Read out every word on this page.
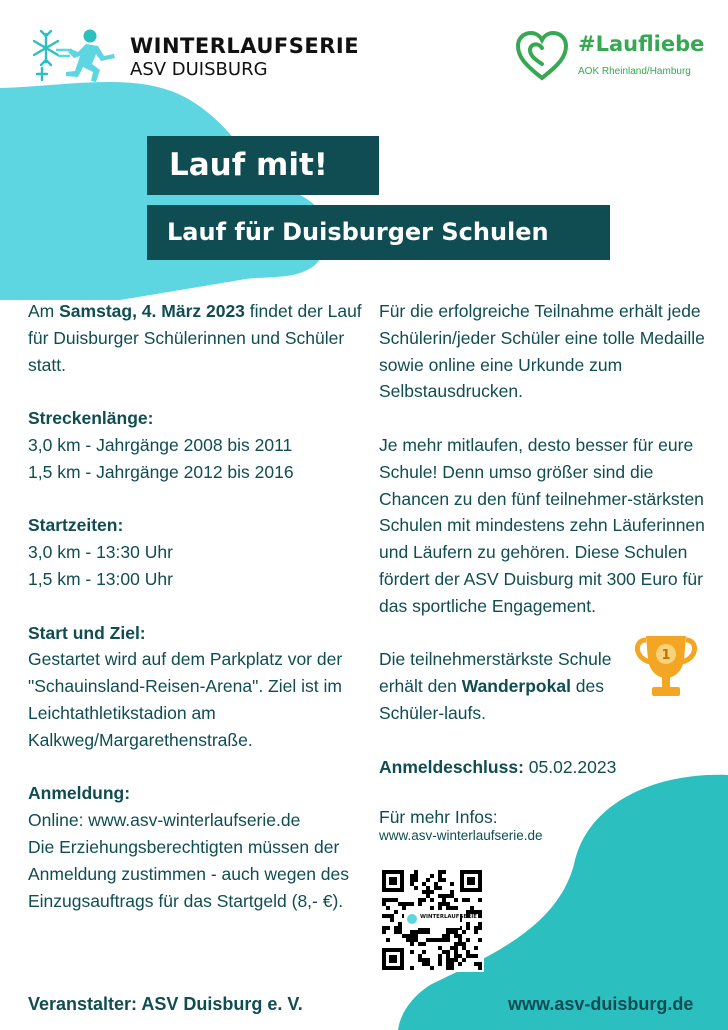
WINTERLAUFSERIE
ASV DUISBURG
#Laufliebe
AOK Rheinland/Hamburg
Lauf mit!
Lauf für Duisburger Schulen

Am Samstag, 4. März 2023 findet der Lauf für Duisburger Schülerinnen und Schüler statt.

Streckenlänge:

3,0 km - Jahrgänge 2008 bis 2011

1,5 km - Jahrgänge 2012 bis 2016

Startzeiten:

3,0 km - 13:30 Uhr

1,5 km - 13:00 Uhr

Start und Ziel:

Gestartet wird auf dem Parkplatz vor der "Schauinsland-Reisen-Arena". Ziel ist im Leichtathletikstadion am Kalkweg/Margarethenstraße.

Anmeldung:

Online: www.asv-winterlaufserie.de

Die Erziehungsberechtigten müssen der Anmeldung zustimmen - auch wegen des Einzugsauftrags für das Startgeld (8,- €).

Für die erfolgreiche Teilnahme erhält jede Schülerin/jeder Schüler eine tolle Medaille sowie online eine Urkunde zum Selbstausdrucken.

Je mehr mitlaufen, desto besser für eure Schule! Denn umso größer sind die Chancen zu den fünf teilnehmer-stärksten Schulen mit mindestens zehn Läuferinnen und Läufern zu gehören. Diese Schulen fördert der ASV Duisburg mit 300 Euro für das sportliche Engagement.

Die teilnehmerstärkste Schule erhält den Wanderpokal des Schüler-laufs.

Anmeldeschluss: 05.02.2023

Für mehr Infos:

www.asv-winterlaufserie.de

1
WINTERLAUFSERIE
Veranstalter: ASV Duisburg e. V.	www.asv-duisburg.de
